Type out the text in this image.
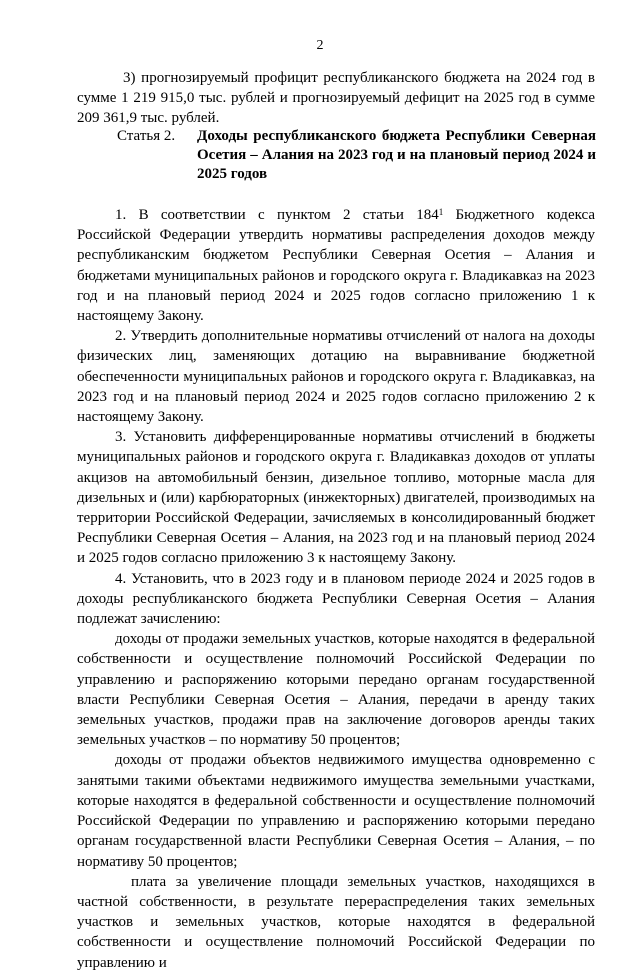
2

3) прогнозируемый профицит республиканского бюджета на 2024 год в сумме 1 219 915,0 тыс. рублей и прогнозируемый дефицит на 2025 год в сумме 209 361,9 тыс. рублей.

Статья 2. Доходы республиканского бюджета Республики Северная Осетия – Алания на 2023 год и на плановый период 2024 и 2025 годов

1. В соответствии с пунктом 2 статьи $184^1$ Бюджетного кодекса Российской Федерации утвердить нормативы распределения доходов между республиканским бюджетом Республики Северная Осетия – Алания и бюджетами муниципальных районов и городского округа г. Владикавказ на 2023 год и на плановый период 2024 и 2025 годов согласно приложению 1 к настоящему Закону.

2. Утвердить дополнительные нормативы отчислений от налога на доходы физических лиц, заменяющих дотацию на выравнивание бюджетной обеспеченности муниципальных районов и городского округа г. Владикавказ, на 2023 год и на плановый период 2024 и 2025 годов согласно приложению 2 к настоящему Закону.

3. Установить дифференцированные нормативы отчислений в бюджеты муниципальных районов и городского округа г. Владикавказ доходов от уплаты акцизов на автомобильный бензин, дизельное топливо, моторные масла для дизельных и (или) карбюраторных (инжекторных) двигателей, производимых на территории Российской Федерации, зачисляемых в консолидированный бюджет Республики Северная Осетия – Алания, на 2023 год и на плановый период 2024 и 2025 годов согласно приложению 3 к настоящему Закону.

4. Установить, что в 2023 году и в плановом периоде 2024 и 2025 годов в доходы республиканского бюджета Республики Северная Осетия – Алания подлежат зачислению:

доходы от продажи земельных участков, которые находятся в федеральной собственности и осуществление полномочий Российской Федерации по управлению и распоряжению которыми передано органам государственной власти Республики Северная Осетия – Алания, передачи в аренду таких земельных участков, продажи прав на заключение договоров аренды таких земельных участков – по нормативу 50 процентов;

доходы от продажи объектов недвижимого имущества одновременно с занятыми такими объектами недвижимого имущества земельными участками, которые находятся в федеральной собственности и осуществление полномочий Российской Федерации по управлению и распоряжению которыми передано органам государственной власти Республики Северная Осетия – Алания, – по нормативу 50 процентов;

плата за увеличение площади земельных участков, находящихся в частной собственности, в результате перераспределения таких земельных участков и земельных участков, которые находятся в федеральной собственности и осуществление полномочий Российской Федерации по управлению и
